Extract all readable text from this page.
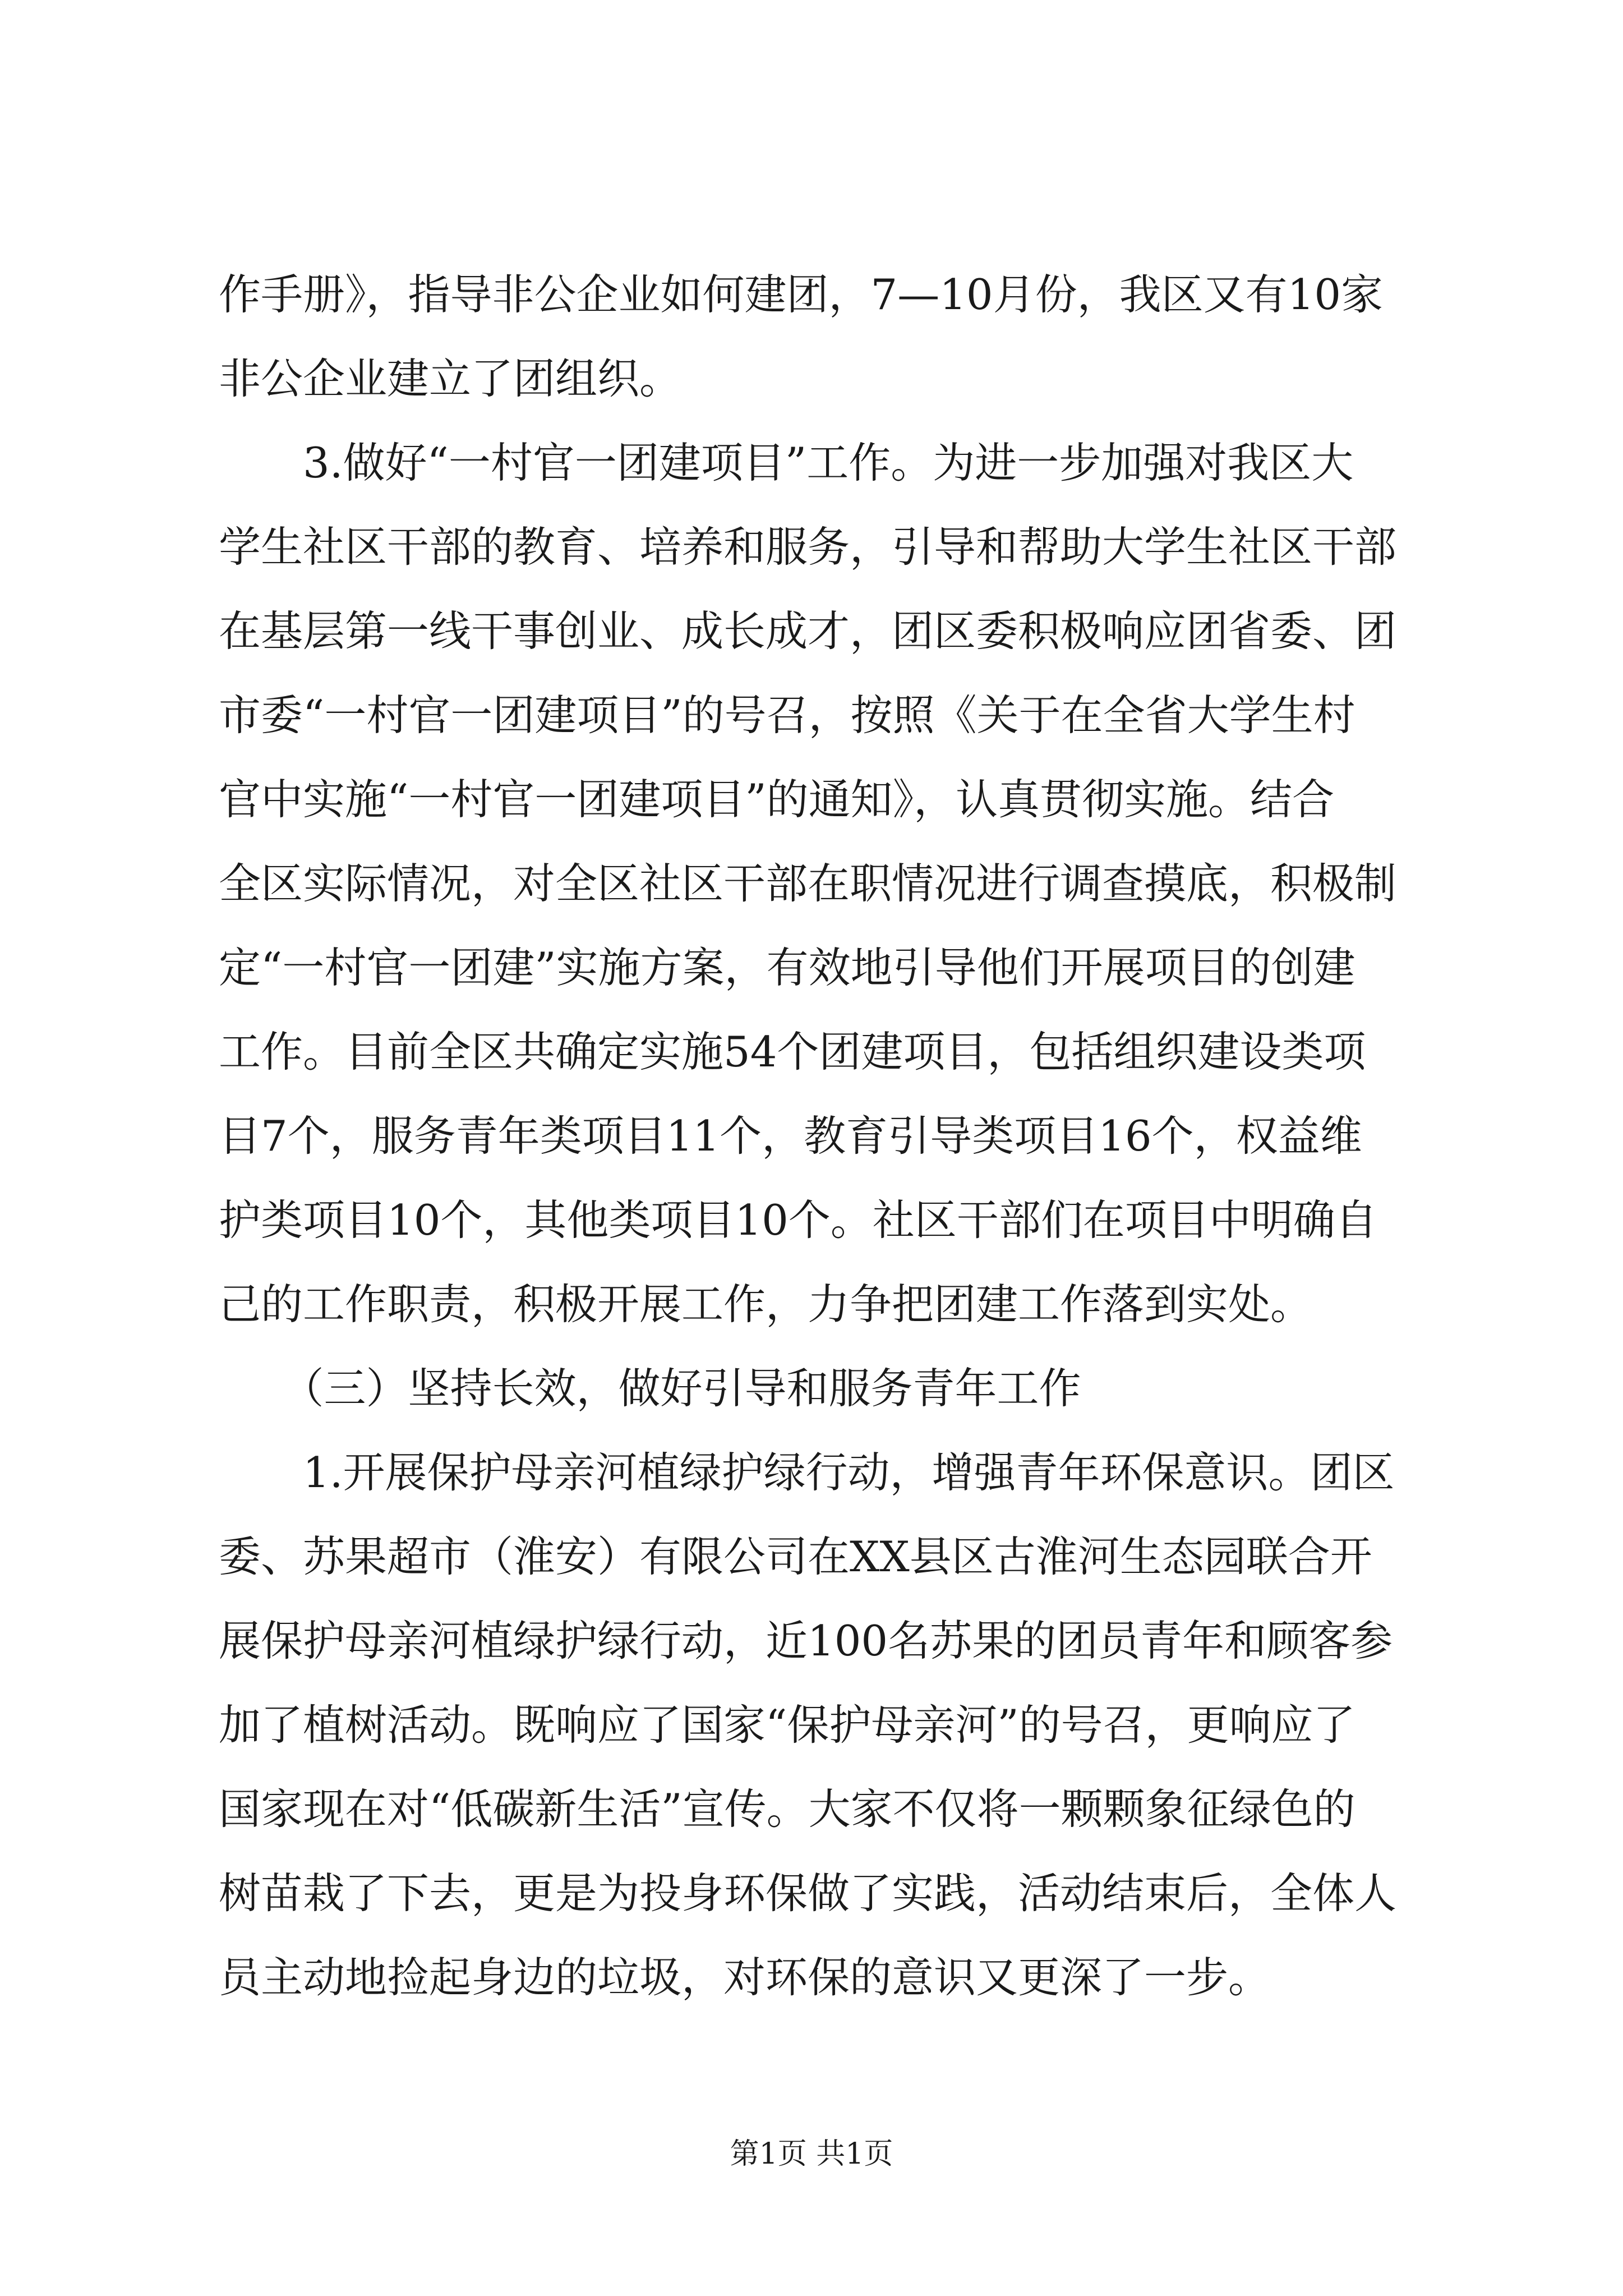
作手册》，指导非公企业如何建团，7—10月份，我区又有10家
非公企业建立了团组织。
　　3.做好“一村官一团建项目”工作。为进一步加强对我区大
学生社区干部的教育、培养和服务，引导和帮助大学生社区干部
在基层第一线干事创业、成长成才，团区委积极响应团省委、团
市委“一村官一团建项目”的号召，按照《关于在全省大学生村
官中实施“一村官一团建项目”的通知》，认真贯彻实施。结合
全区实际情况，对全区社区干部在职情况进行调查摸底，积极制
定“一村官一团建”实施方案，有效地引导他们开展项目的创建
工作。目前全区共确定实施54个团建项目，包括组织建设类项
目7个，服务青年类项目11个，教育引导类项目16个，权益维
护类项目10个，其他类项目10个。社区干部们在项目中明确自
己的工作职责，积极开展工作，力争把团建工作落到实处。
　　（三）坚持长效，做好引导和服务青年工作
　　1.开展保护母亲河植绿护绿行动，增强青年环保意识。团区
委、苏果超市（淮安）有限公司在XX县区古淮河生态园联合开
展保护母亲河植绿护绿行动，近100名苏果的团员青年和顾客参
加了植树活动。既响应了国家“保护母亲河”的号召，更响应了
国家现在对“低碳新生活”宣传。大家不仅将一颗颗象征绿色的
树苗栽了下去，更是为投身环保做了实践，活动结束后，全体人
员主动地捡起身边的垃圾，对环保的意识又更深了一步。
第1页 共1页
